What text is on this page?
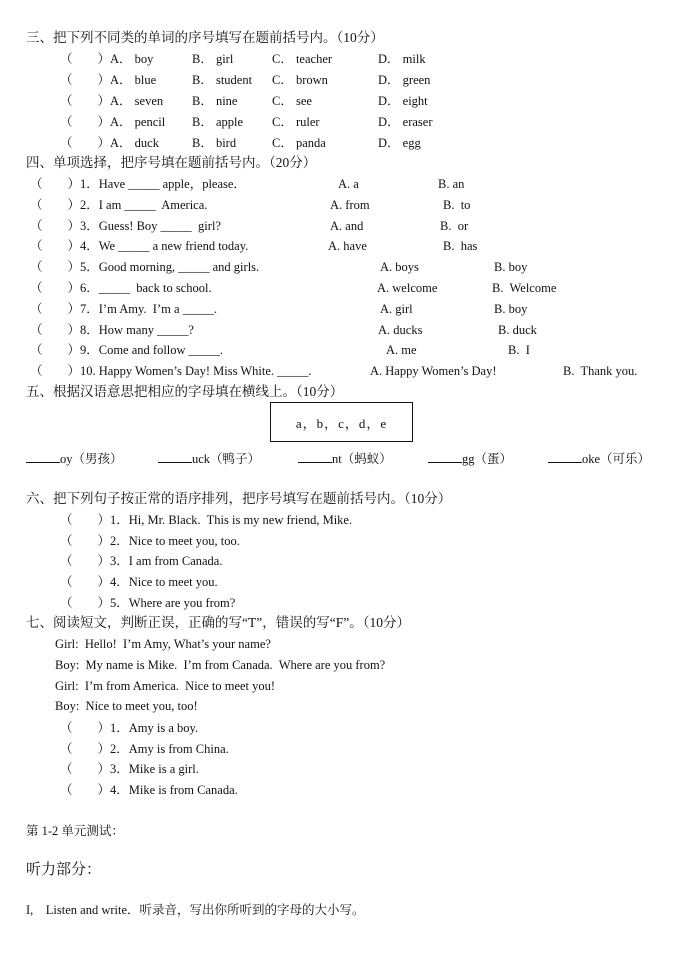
三、把下列不同类的单词的序号填写在题前括号内。（10分）
（        ） A． boy	B． girl	C． teacher	D． milk
（        ） A． blue	B． student C． brown	D． green
（        ） A． seven B． nine	C． see	D． eight
（        ） A． pencil B． apple C． ruler	D． eraser
（        ） A． duck	B． bird	C． panda	D． egg
四、单项选择，把序号填在题前括号内。（20分）
（        ）1．Have _____ apple，please．	A. a	B. an
（        ）2．I am _____  America.	A. from	B.  to
（        ）3．Guess! Boy _____  girl?	A. and	B.  or
（        ）4．We _____ a new friend today.	A. have	B.  has
（        ）5．Good morning, _____ and girls.	A. boys	B. boy
（        ）6．_____  back to school.	A. welcome	B.  Welcome
（        ）7．I’m Amy.  I’m a _____.	A. girl	B. boy
（        ）8．How many _____?	A. ducks	B. duck
（        ）9．Come and follow _____.	A. me	B.  I
（        ）10. Happy Women’s Day! Miss White. _____.	A. Happy Women’s Day!	B.  Thank you.
五、根据汉语意思把相应的字母填在横线上。（10分）
a，b，c，d，e
oy（男孩）	uck（鸭子）	nt（蚂蚁）	gg（蛋）	oke（可乐）
六、把下列句子按正常的语序排列，把序号填写在题前括号内。（10分）
（        ）1．Hi, Mr. Black.  This is my new friend, Mike.
（        ）2．Nice to meet you, too.
（        ）3．I am from Canada.
（        ）4．Nice to meet you.
（        ）5．Where are you from?
七、阅读短文，判断正误，正确的写“T”，错误的写“F”。（10分）
Girl:  Hello!  I’m Amy, What’s your name?
Boy:  My name is Mike.  I’m from Canada.  Where are you from?
Girl:  I’m from America.  Nice to meet you!
Boy:  Nice to meet you, too!
（        ）1．Amy is a boy.
（        ）2．Amy is from China.
（        ）3．Mike is a girl.
（        ）4．Mike is from Canada.
第 1-2 单元测试：
听力部分：
I,    Listen and write．听录音，写出你所听到的字母的大小写。
